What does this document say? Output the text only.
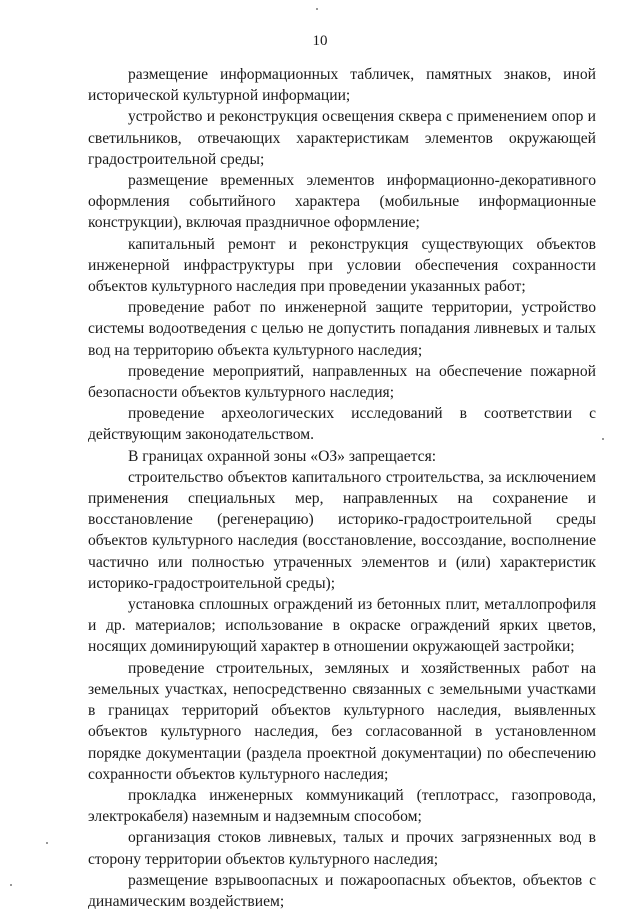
10

размещение информационных табличек, памятных знаков, иной исторической культурной информации;

устройство и реконструкция освещения сквера с применением опор и светильников, отвечающих характеристикам элементов окружающей градостроительной среды;

размещение временных элементов информационно-декоративного оформления событийного характера (мобильные информационные конструкции), включая праздничное оформление;

капитальный ремонт и реконструкция существующих объектов инженерной инфраструктуры при условии обеспечения сохранности объектов культурного наследия при проведении указанных работ;

проведение работ по инженерной защите территории, устройство системы водоотведения с целью не допустить попадания ливневых и талых вод на территорию объекта культурного наследия;

проведение мероприятий, направленных на обеспечение пожарной безопасности объектов культурного наследия;

проведение археологических исследований в соответствии с действующим законодательством.

В границах охранной зоны «ОЗ» запрещается:

строительство объектов капитального строительства, за исключением применения специальных мер, направленных на сохранение и восстановление (регенерацию) историко-градостроительной среды объектов культурного наследия (восстановление, воссоздание, восполнение частично или полностью утраченных элементов и (или) характеристик историко-градостроительной среды);

установка сплошных ограждений из бетонных плит, металлопрофиля и др. материалов; использование в окраске ограждений ярких цветов, носящих доминирующий характер в отношении окружающей застройки;

проведение строительных, земляных и хозяйственных работ на земельных участках, непосредственно связанных с земельными участками в границах территорий объектов культурного наследия, выявленных объектов культурного наследия, без согласованной в установленном порядке документации (раздела проектной документации) по обеспечению сохранности объектов культурного наследия;

прокладка инженерных коммуникаций (теплотрасс, газопровода, электрокабеля) наземным и надземным способом;

организация стоков ливневых, талых и прочих загрязненных вод в сторону территории объектов культурного наследия;

размещение взрывоопасных и пожароопасных объектов, объектов с динамическим воздействием;
